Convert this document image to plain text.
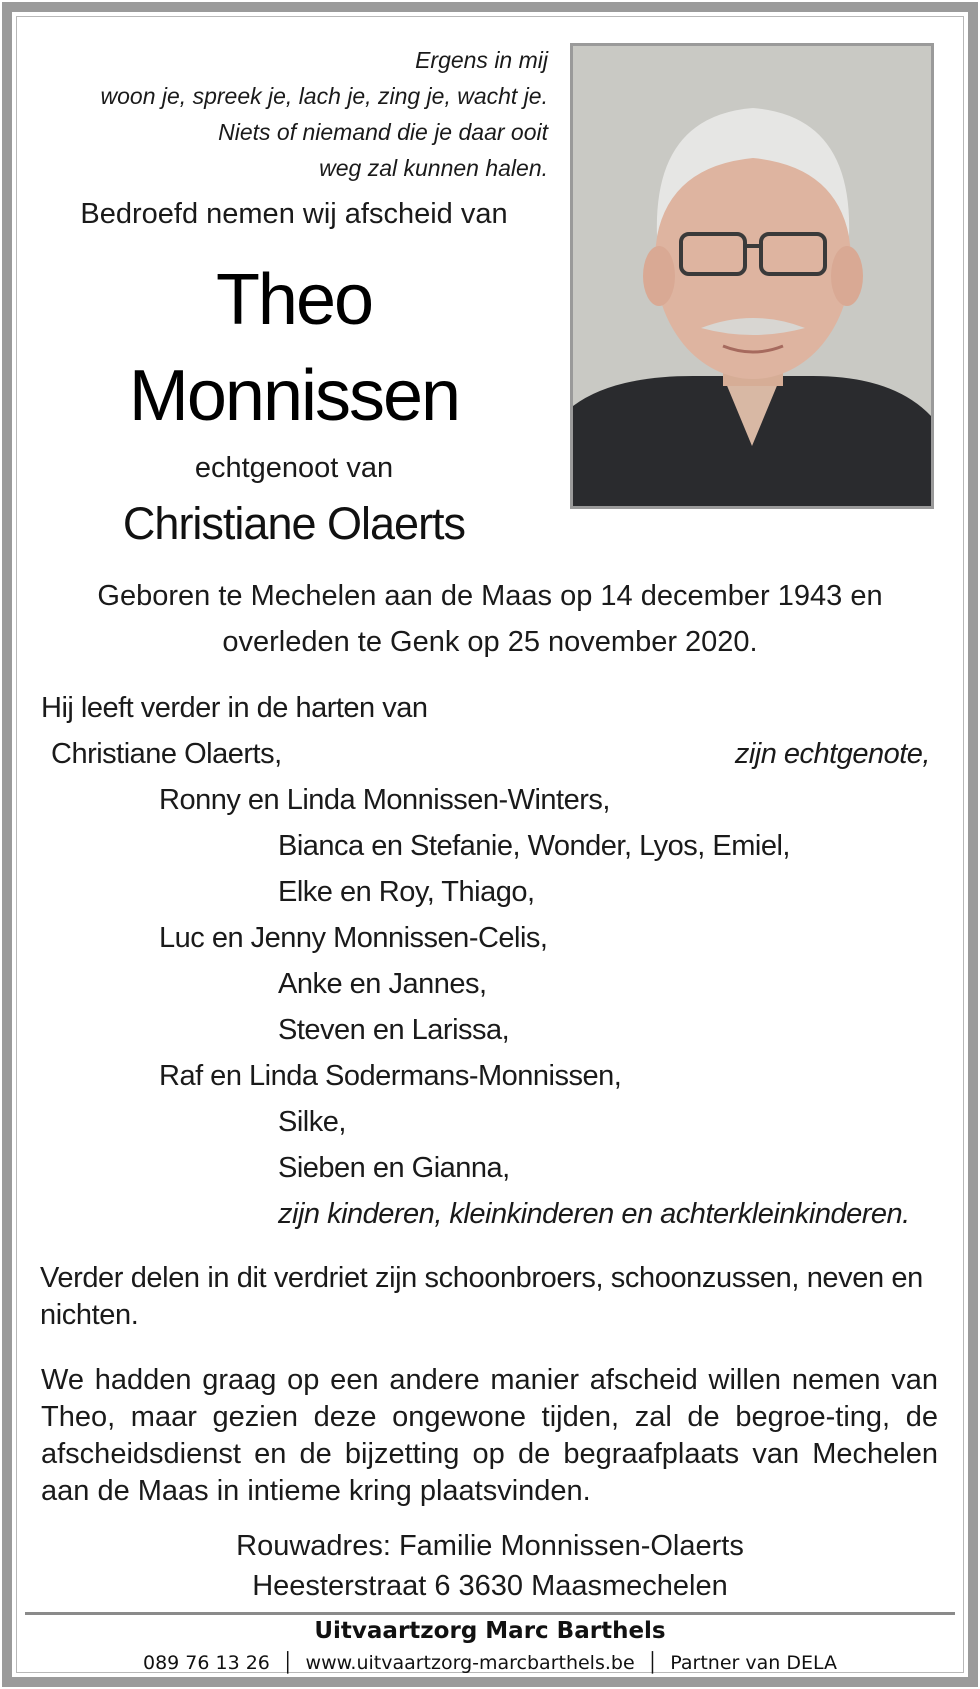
Ergens in mij
woon je, spreek je, lach je, zing je, wacht je.
Niets of niemand die je daar ooit
weg zal kunnen halen.
Bedroefd nemen wij afscheid van
Theo
Monnissen
echtgenoot van
Christiane Olaerts
Geboren te Mechelen aan de Maas op 14 december 1943 en
overleden te Genk op 25 november 2020.
Hij leeft verder in de harten van
Christiane Olaerts,	zijn echtgenote,
Ronny en Linda Monnissen-Winters,
Bianca en Stefanie, Wonder, Lyos, Emiel,
Elke en Roy, Thiago,
Luc en Jenny Monnissen-Celis,
Anke en Jannes,
Steven en Larissa,
Raf en Linda Sodermans-Monnissen,
Silke,
Sieben en Gianna,
zijn kinderen, kleinkinderen en achterkleinkinderen.
Verder delen in dit verdriet zijn schoonbroers, schoonzussen, neven en nichten.
We hadden graag op een andere manier afscheid willen nemen van Theo, maar gezien deze ongewone tijden, zal de begroe-ting, de afscheidsdienst en de bijzetting op de begraafplaats van Mechelen aan de Maas in intieme kring plaatsvinden.
Rouwadres: Familie Monnissen-Olaerts
Heesterstraat 6 3630 Maasmechelen
Uitvaartzorg Marc Barthels
089 76 13 26  │  www.uitvaartzorg-marcbarthels.be  │  Partner van DELA
